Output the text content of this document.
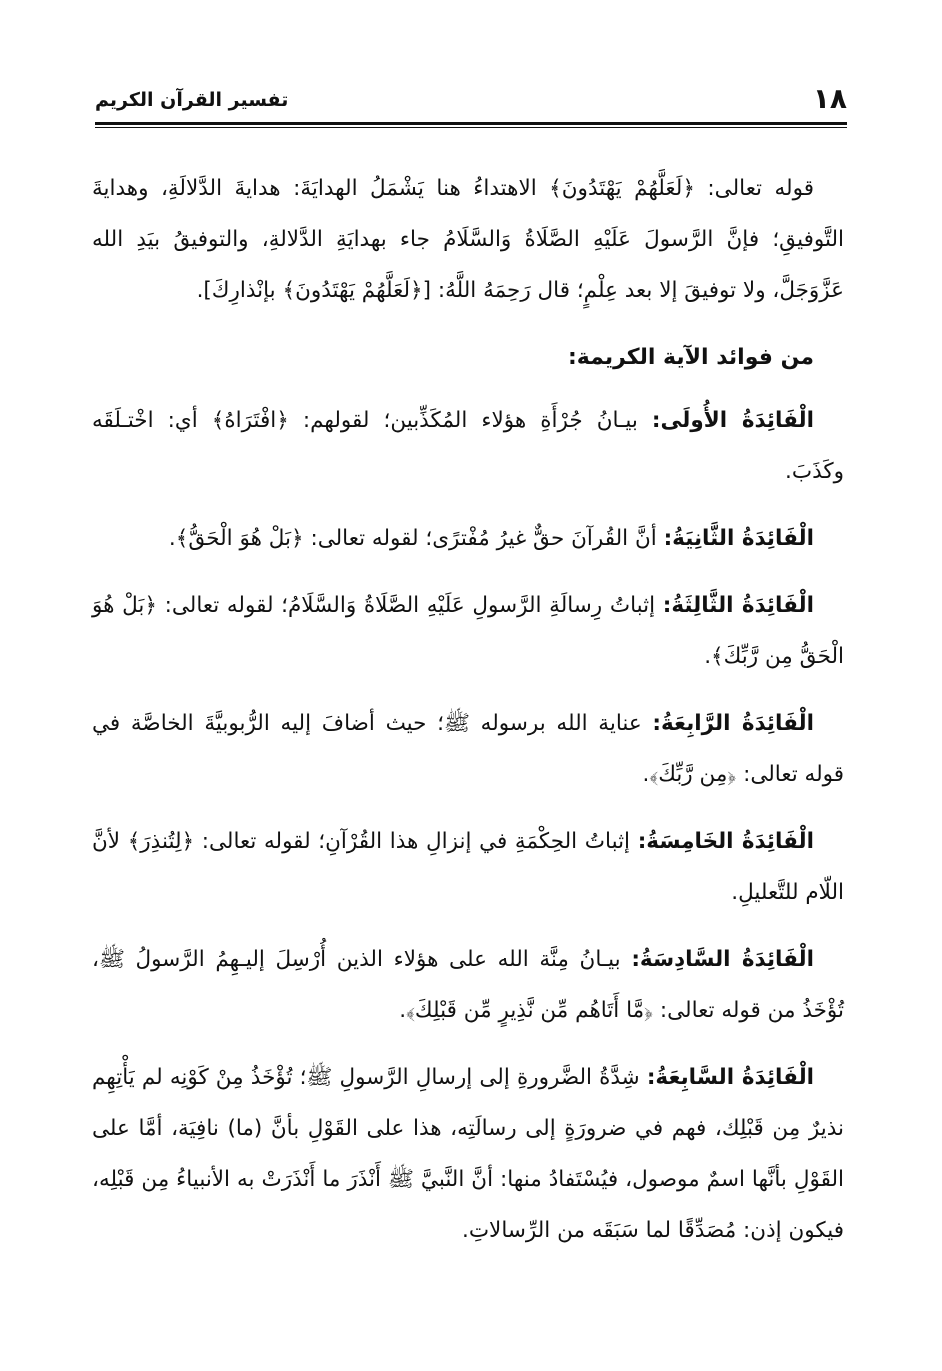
١٨
تفسير القرآن الكريم

قوله تعالى: ﴿لَعَلَّهُمْ يَهْتَدُونَ﴾ الاهتداءُ هنا يَشْمَلُ الهدايَةَ: هدايةَ الدَّلالَةِ، وهدايةَ التَّوفيقِ؛ فإنَّ الرَّسولَ عَلَيْهِ الصَّلَاةُ وَالسَّلَامُ جاء بهدايَةِ الدَّلالةِ، والتوفيقُ بيَدِ الله عَزَّوَجَلَّ، ولا توفيقَ إلا بعد عِلْمٍ؛ قال رَحِمَهُ اللَّهُ: [﴿لَعَلَّهُمْ يَهْتَدُونَ﴾ بإنْذارِكَ].

من فوائد الآية الكريمة:

الْفَائِدَةُ الأُولَى: بيـانُ جُرْأَةِ هؤلاء المُكَذِّبين؛ لقولهم: ﴿افْتَرَاهُ﴾ أي: اخْتـلَقَه وكَذَبَ.

الْفَائِدَةُ الثَّانِيَةُ: أنَّ القُرآنَ حقٌّ غيرُ مُفْترًى؛ لقوله تعالى: ﴿بَلْ هُوَ الْحَقُّ﴾.

الْفَائِدَةُ الثَّالِثَةُ: إثباتُ رِسالَةِ الرَّسولِ عَلَيْهِ الصَّلَاةُ وَالسَّلَامُ؛ لقوله تعالى: ﴿بَلْ هُوَ الْحَقُّ مِن رَّبِّكَ﴾.

الْفَائِدَةُ الرَّابِعَةُ: عناية الله برسوله ﷺ؛ حيث أضافَ إليه الرُّبوبيَّةَ الخاصَّة في قوله تعالى: ﴿مِن رَّبِّكَ﴾.

الْفَائِدَةُ الخَامِسَةُ: إثباتُ الحِكْمَةِ في إنزالِ هذا القُرْآنِ؛ لقوله تعالى: ﴿لِتُنذِرَ﴾ لأنَّ اللّام للتَّعليلِ.

الْفَائِدَةُ السَّادِسَةُ: بيـانُ مِنَّة الله على هؤلاء الذين أُرْسِلَ إليـهِمُ الرَّسولُ ﷺ، تُؤْخَذُ من قوله تعالى: ﴿مَّا أَتَاهُم مِّن نَّذِيرٍ مِّن قَبْلِكَ﴾.

الْفَائِدَةُ السَّابِعَةُ: شِدَّةُ الضَّرورةِ إلى إرسالِ الرَّسولِ ﷺ؛ تُؤْخَذُ مِنْ كَوْنِه لم يَأْتِهِم نذيرٌ مِن قَبْلِك، فهم في ضرورَةٍ إلى رسالَتِه، هذا على القَوْلِ بأنَّ (ما) نافِيَة، أمَّا على القَوْلِ بأنَّها اسمٌ موصول، فيُسْتَفادُ منها: أنَّ النَّبيَّ ﷺ أَنْذَرَ ما أَنْذَرَتْ به الأنبياءُ مِن قَبْلِه، فيكون إذن: مُصَدِّقًا لما سَبَقَه من الرِّسالاتِ.
